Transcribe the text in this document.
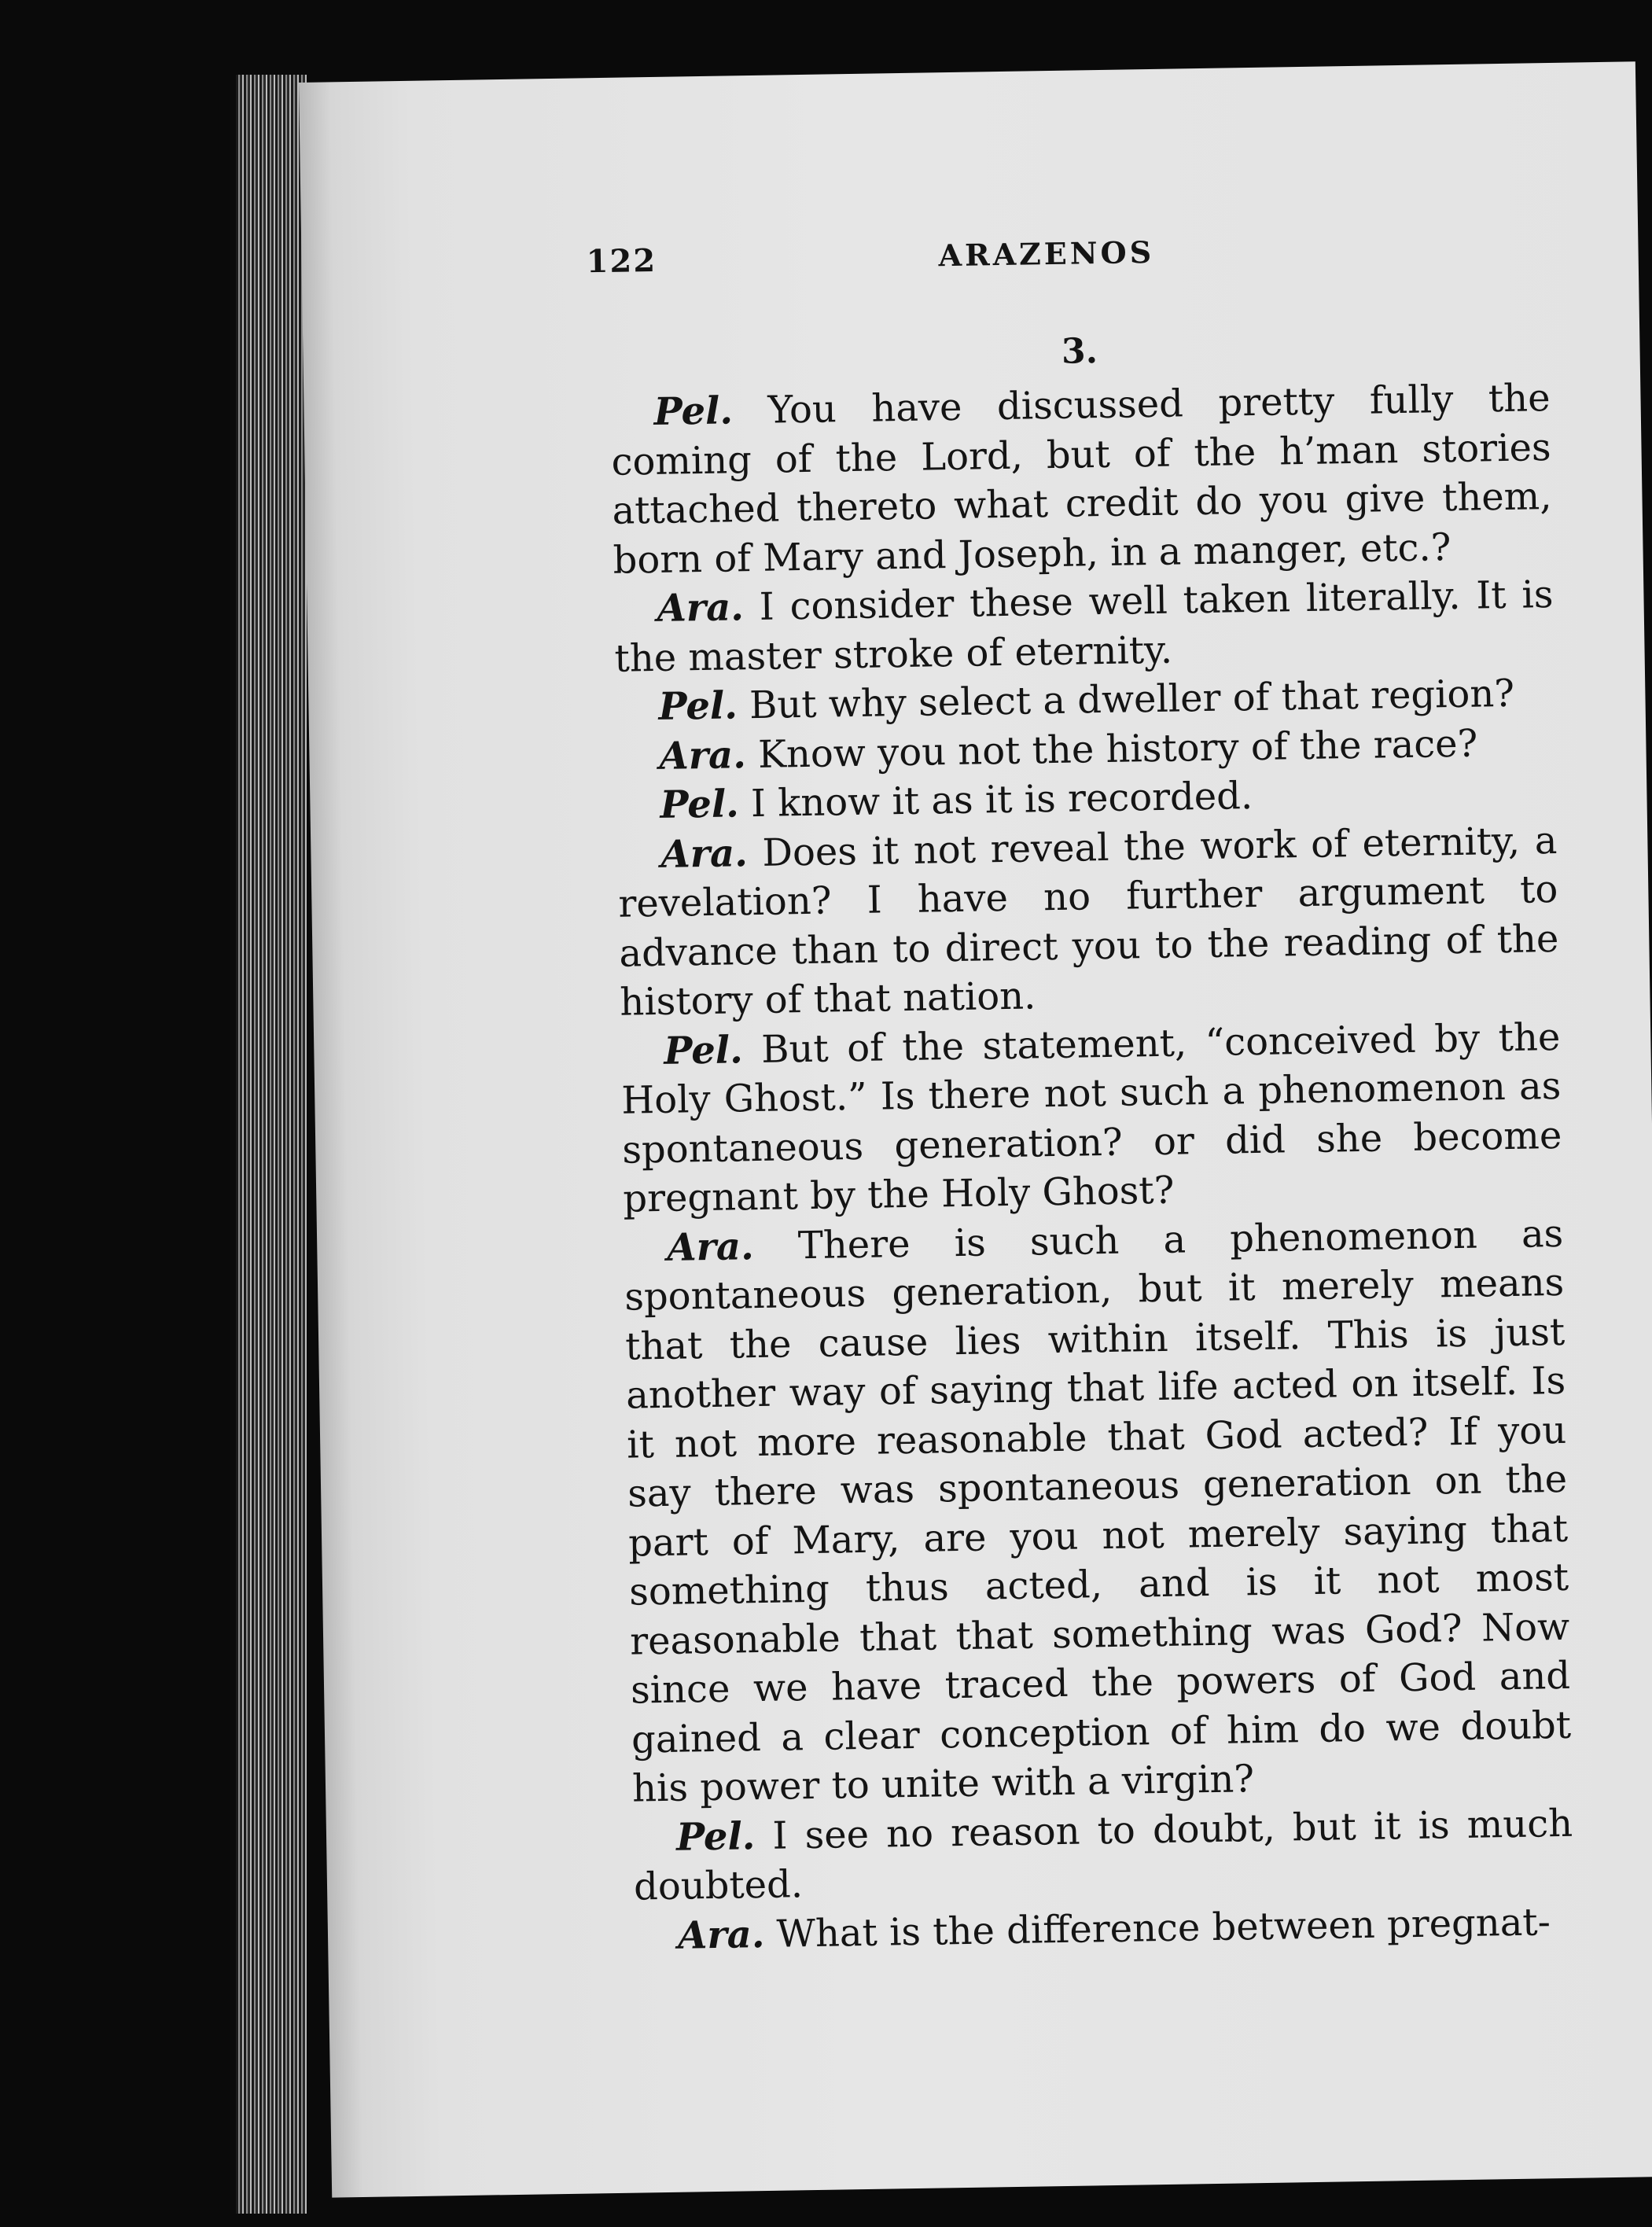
122	ARAZENOS
3.

Pel. You have discussed pretty fully the coming of the Lord, but of the h’man stories attached thereto what credit do you give them, born of Mary and Joseph, in a manger, etc.?

Ara. I consider these well taken literally. It is the master stroke of eternity.

Pel. But why select a dweller of that region?

Ara. Know you not the history of the race?

Pel. I know it as it is recorded.

Ara. Does it not reveal the work of eternity, a revelation? I have no further argument to advance than to direct you to the reading of the history of that nation.

Pel. But of the statement, “conceived by the Holy Ghost.” Is there not such a phenomenon as spontaneous generation? or did she become pregnant by the Holy Ghost?

Ara. There is such a phenomenon as spontaneous generation, but it merely means that the cause lies within itself. This is just another way of saying that life acted on itself. Is it not more reasonable that God acted? If you say there was spontaneous generation on the part of Mary, are you not merely saying that something thus acted, and is it not most reasonable that that something was God? Now since we have traced the powers of God and gained a clear conception of him do we doubt his power to unite with a virgin?

Pel. I see no reason to doubt, but it is much doubted.

Ara. What is the difference between pregnat-
